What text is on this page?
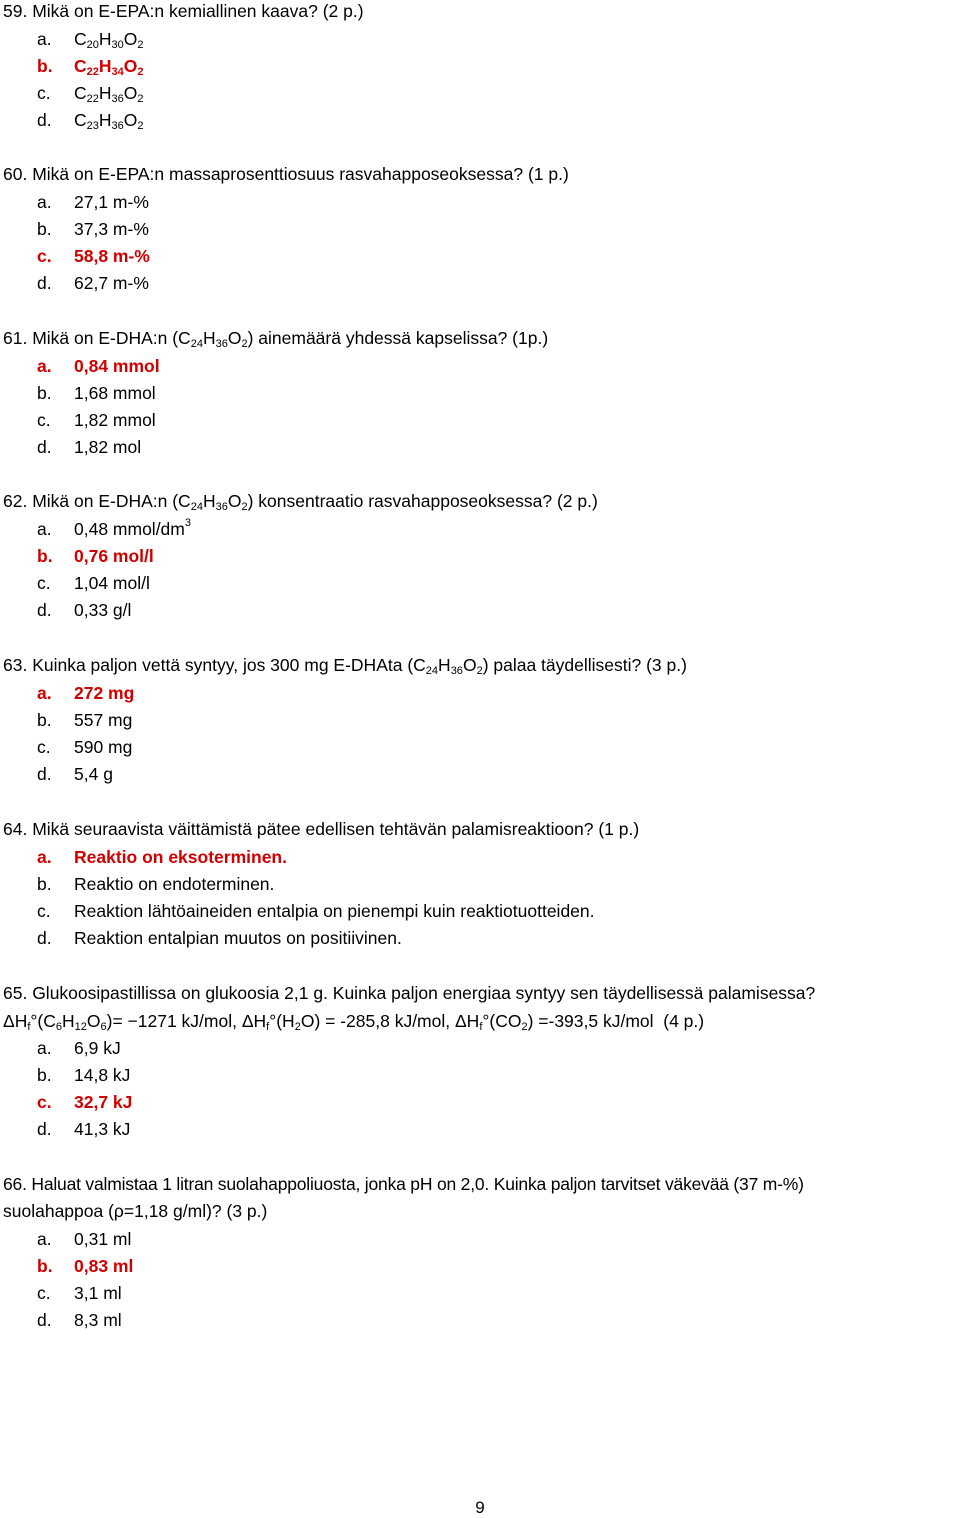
59. Mikä on E-EPA:n kemiallinen kaava? (2 p.)
a. $C_{20}H_{30}O_2$
b. $C_{22}H_{34}O_2$
c. $C_{22}H_{36}O_2$
d. $C_{23}H_{36}O_2$
60. Mikä on E-EPA:n massaprosenttiosuus rasvahapposeoksessa? (1 p.)
a. 27,1 m-%
b. 37,3 m-%
c. 58,8 m-%
d. 62,7 m-%
61. Mikä on E-DHA:n $(C_{24}H_{36}O_2)$ ainemäärä yhdessä kapselissa? (1p.)
a. 0,84 mmol
b. 1,68 mmol
c. 1,82 mmol
d. 1,82 mol
62. Mikä on E-DHA:n $(C_{24}H_{36}O_2)$ konsentraatio rasvahapposeoksessa? (2 p.)
a. 0,48 mmol/$dm^3$
b. 0,76 mol/l
c. 1,04 mol/l
d. 0,33 g/l
63. Kuinka paljon vettä syntyy, jos 300 mg E-DHAta $(C_{24}H_{36}O_2)$ palaa täydellisesti? (3 p.)
a. 272 mg
b. 557 mg
c. 590 mg
d. 5,4 g
64. Mikä seuraavista väittämistä pätee edellisen tehtävän palamisreaktioon? (1 p.)
a. Reaktio on eksoterminen.
b. Reaktio on endoterminen.
c. Reaktion lähtöaineiden entalpia on pienempi kuin reaktiotuotteiden.
d. Reaktion entalpian muutos on positiivinen.
65. Glukoosipastillissa on glukoosia 2,1 g. Kuinka paljon energiaa syntyy sen täydellisessä palamisessa?
$\Delta H_f^\circ(C_6H_{12}O_6)= -1271$ kJ/mol, $\Delta H_f^\circ(H_2O) = -285,8$ kJ/mol, $\Delta H_f^\circ(CO_2) =-393,5$ kJ/mol  (4 p.)
a. 6,9 kJ
b. 14,8 kJ
c. 32,7 kJ
d. 41,3 kJ
66. Haluat valmistaa 1 litran suolahappoliuosta, jonka pH on 2,0. Kuinka paljon tarvitset väkevää (37 m-%)
suolahappoa (ρ=1,18 g/ml)? (3 p.)
a. 0,31 ml
b. 0,83 ml
c. 3,1 ml
d. 8,3 ml
9
